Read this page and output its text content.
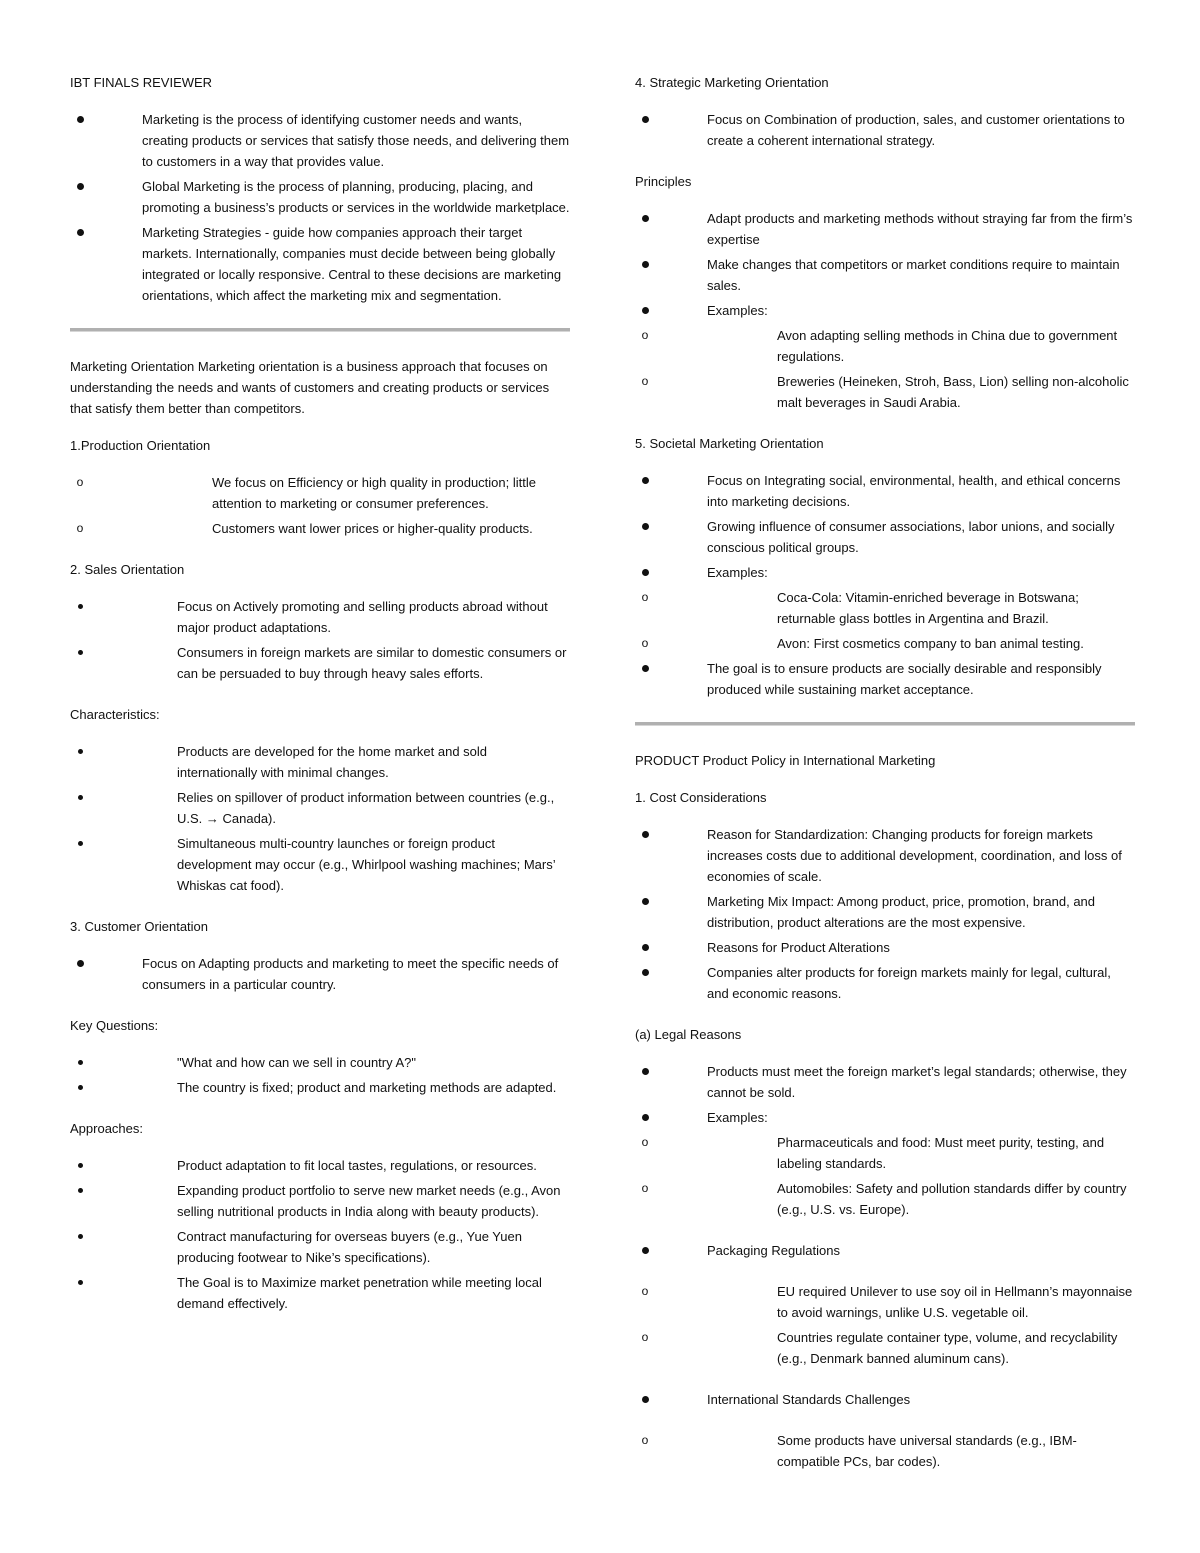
IBT FINALS REVIEWER

Marketing is the process of identifying customer needs and wants, creating products or services that satisfy those needs, and delivering them to customers in a way that provides value.
Global Marketing is the process of planning, producing, placing, and promoting a business’s products or services in the worldwide marketplace.
Marketing Strategies - guide how companies approach their target markets. Internationally, companies must decide between being globally integrated or locally responsive. Central to these decisions are marketing orientations, which affect the marketing mix and segmentation.

Marketing Orientation Marketing orientation is a business approach that focuses on understanding the needs and wants of customers and creating products or services that satisfy them better than competitors.

1.Production Orientation

o	We focus on Efficiency or high quality in production; little attention to marketing or consumer preferences.
o	Customers want lower prices or higher-quality products.

2. Sales Orientation

Focus on Actively promoting and selling products abroad without major product adaptations.
Consumers in foreign markets are similar to domestic consumers or can be persuaded to buy through heavy sales efforts.

Characteristics:

Products are developed for the home market and sold internationally with minimal changes.
Relies on spillover of product information between countries (e.g., U.S. → Canada).
Simultaneous multi-country launches or foreign product development may occur (e.g., Whirlpool washing machines; Mars’ Whiskas cat food).

3. Customer Orientation

Focus on Adapting products and marketing to meet the specific needs of consumers in a particular country.

Key Questions:

"What and how can we sell in country A?"
The country is fixed; product and marketing methods are adapted.

Approaches:

Product adaptation to fit local tastes, regulations, or resources.
Expanding product portfolio to serve new market needs (e.g., Avon selling nutritional products in India along with beauty products).
Contract manufacturing for overseas buyers (e.g., Yue Yuen producing footwear to Nike’s specifications).
The Goal is to Maximize market penetration while meeting local demand effectively.

4. Strategic Marketing Orientation

Focus on Combination of production, sales, and customer orientations to create a coherent international strategy.

Principles

Adapt products and marketing methods without straying far from the firm’s expertise
Make changes that competitors or market conditions require to maintain sales.
Examples:
o	Avon adapting selling methods in China due to government regulations.
o	Breweries (Heineken, Stroh, Bass, Lion) selling non-alcoholic malt beverages in Saudi Arabia.

5. Societal Marketing Orientation

Focus on Integrating social, environmental, health, and ethical concerns into marketing decisions.
Growing influence of consumer associations, labor unions, and socially conscious political groups.
Examples:
o	Coca-Cola: Vitamin-enriched beverage in Botswana; returnable glass bottles in Argentina and Brazil.
o	Avon: First cosmetics company to ban animal testing.
The goal is to ensure products are socially desirable and responsibly produced while sustaining market acceptance.

PRODUCT Product Policy in International Marketing

1. Cost Considerations

Reason for Standardization: Changing products for foreign markets increases costs due to additional development, coordination, and loss of economies of scale.
Marketing Mix Impact: Among product, price, promotion, brand, and distribution, product alterations are the most expensive.
Reasons for Product Alterations
Companies alter products for foreign markets mainly for legal, cultural, and economic reasons.

(a) Legal Reasons

Products must meet the foreign market’s legal standards; otherwise, they cannot be sold.
Examples:
o	Pharmaceuticals and food: Must meet purity, testing, and labeling standards.
o	Automobiles: Safety and pollution standards differ by country (e.g., U.S. vs. Europe).
Packaging Regulations
o	EU required Unilever to use soy oil in Hellmann’s mayonnaise to avoid warnings, unlike U.S. vegetable oil.
o	Countries regulate container type, volume, and recyclability (e.g., Denmark banned aluminum cans).
International Standards Challenges
o	Some products have universal standards (e.g., IBM-compatible PCs, bar codes).
